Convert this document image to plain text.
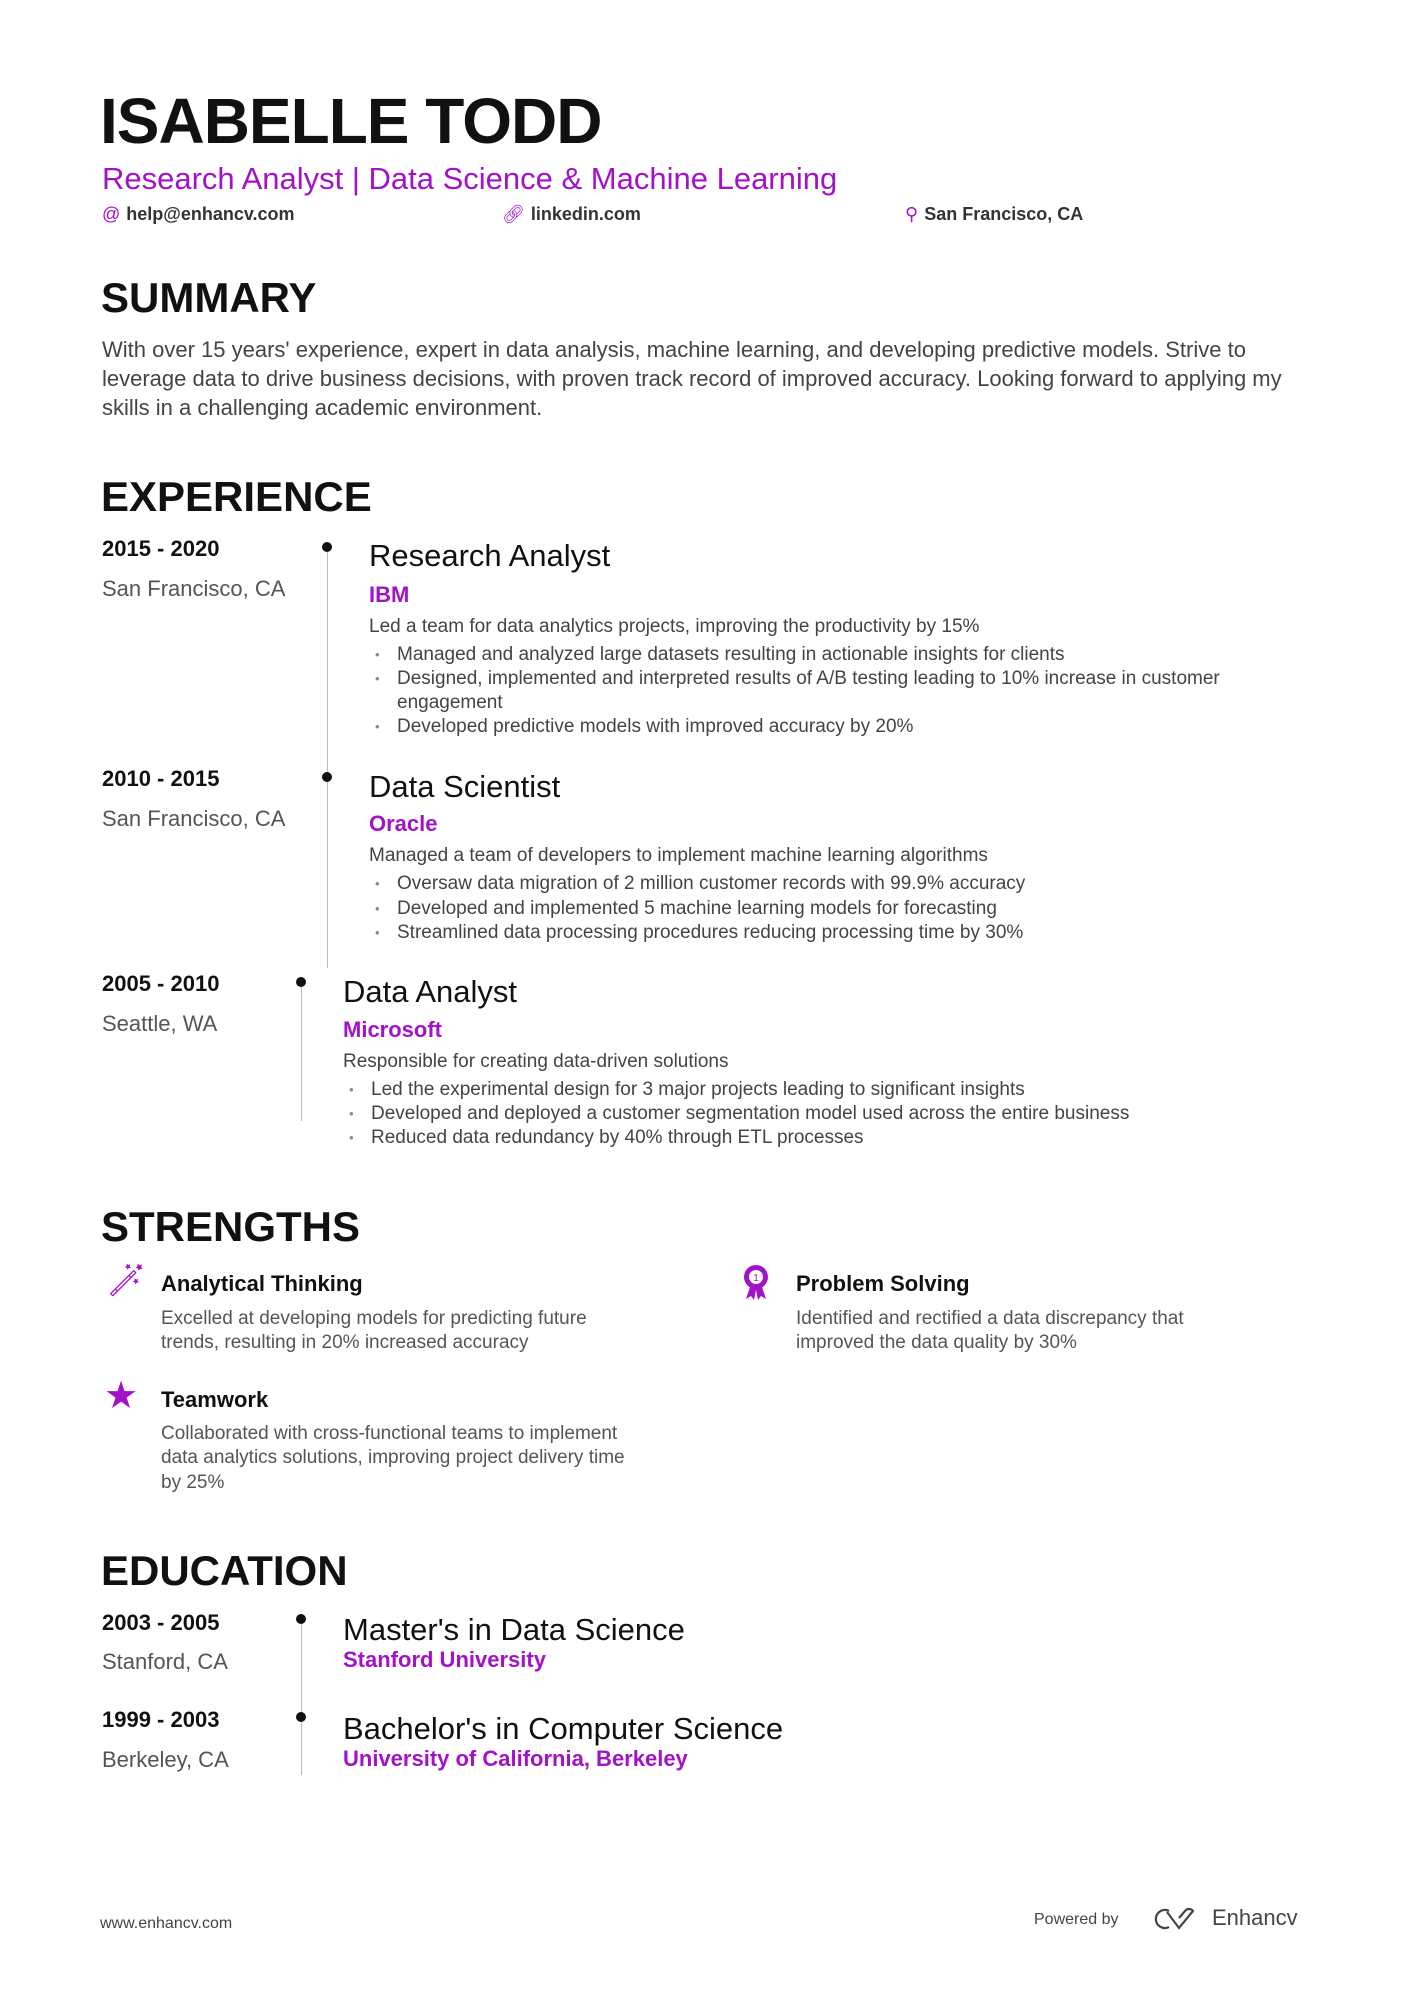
ISABELLE TODD
Research Analyst | Data Science & Machine Learning
@ help@enhancv.com	🔗︎ linkedin.com	⚲ San Francisco, CA
SUMMARY
With over 15 years' experience, expert in data analysis, machine learning, and developing predictive models. Strive to leverage data to drive business decisions, with proven track record of improved accuracy. Looking forward to applying my skills in a challenging academic environment.
EXPERIENCE
2015 - 2020
San Francisco, CA
Research Analyst
IBM
Led a team for data analytics projects, improving the productivity by 15%
• Managed and analyzed large datasets resulting in actionable insights for clients
• Designed, implemented and interpreted results of A/B testing leading to 10% increase in customer
engagement
• Developed predictive models with improved accuracy by 20%
2010 - 2015
San Francisco, CA
Data Scientist
Oracle
Managed a team of developers to implement machine learning algorithms
• Oversaw data migration of 2 million customer records with 99.9% accuracy
• Developed and implemented 5 machine learning models for forecasting
• Streamlined data processing procedures reducing processing time by 30%
2005 - 2010
Seattle, WA
Data Analyst
Microsoft
Responsible for creating data-driven solutions
• Led the experimental design for 3 major projects leading to significant insights
• Developed and deployed a customer segmentation model used across the entire business
• Reduced data redundancy by 40% through ETL processes
STRENGTHS
🪄︎ Analytical Thinking
Excelled at developing models for predicting future
trends, resulting in 20% increased accuracy
1 Problem Solving
Identified and rectified a data discrepancy that
improved the data quality by 30%
★ Teamwork
Collaborated with cross-functional teams to implement
data analytics solutions, improving project delivery time
by 25%
EDUCATION
2003 - 2005
Stanford, CA
Master's in Data Science
Stanford University
1999 - 2003
Berkeley, CA
Bachelor's in Computer Science
University of California, Berkeley
www.enhancv.com	Powered by	Enhancv
